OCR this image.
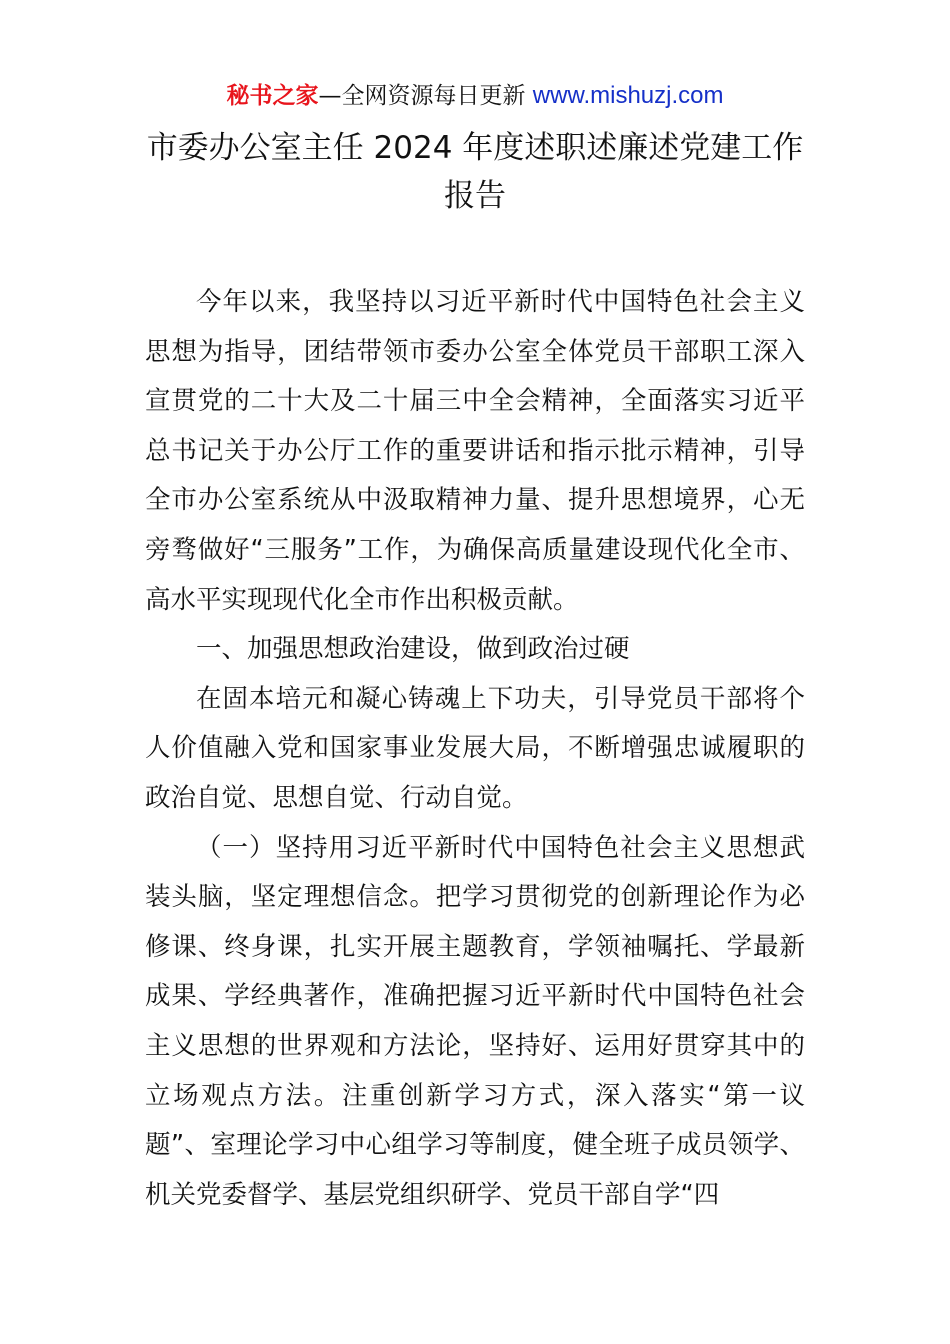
秘书之家—全网资源每日更新 www.mishuzj.com
市委办公室主任 2024 年度述职述廉述党建工作
报告

今年以来，我坚持以习近平新时代中国特色社会主义思想为指导，团结带领市委办公室全体党员干部职工深入宣贯党的二十大及二十届三中全会精神，全面落实习近平总书记关于办公厅工作的重要讲话和指示批示精神，引导全市办公室系统从中汲取精神力量、提升思想境界，心无旁骛做好“三服务”工作，为确保高质量建设现代化全市、高水平实现现代化全市作出积极贡献。

一、加强思想政治建设，做到政治过硬

在固本培元和凝心铸魂上下功夫，引导党员干部将个人价值融入党和国家事业发展大局，不断增强忠诚履职的政治自觉、思想自觉、行动自觉。

（一）坚持用习近平新时代中国特色社会主义思想武装头脑，坚定理想信念。把学习贯彻党的创新理论作为必修课、终身课，扎实开展主题教育，学领袖嘱托、学最新成果、学经典著作，准确把握习近平新时代中国特色社会主义思想的世界观和方法论，坚持好、运用好贯穿其中的立场观点方法。注重创新学习方式，深入落实“第一议题”、室理论学习中心组学习等制度，健全班子成员领学、机关党委督学、基层党组织研学、党员干部自学“四
